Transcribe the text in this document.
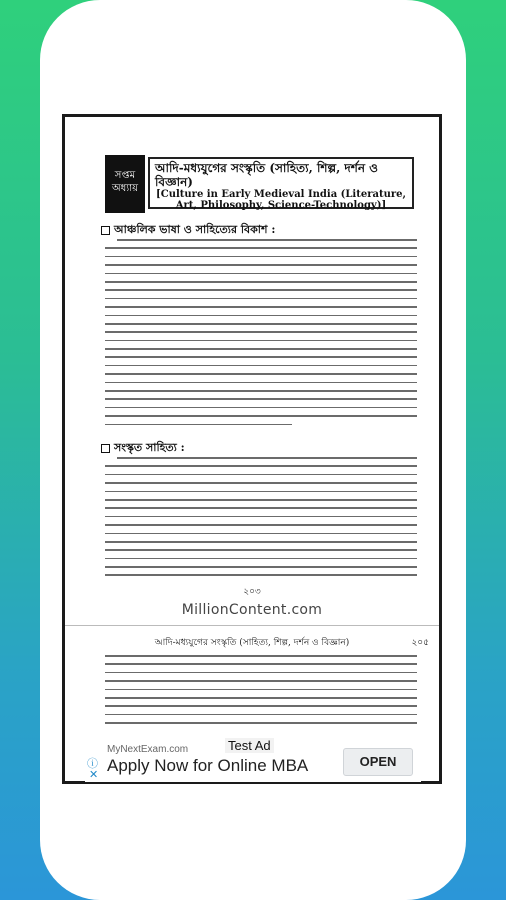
সপ্তম
অধ্যায়
আদি-মধ্যযুগের সংস্কৃতি (সাহিত্য, শিল্প, দর্শন ও বিজ্ঞান)
[Culture in Early Medieval India (Literature, Art, Philosophy, Science-Technology)]
আঞ্চলিক ভাষা ও সাহিত্যের বিকাশ :
সংস্কৃত সাহিত্য :
২০৩
MillionContent.com
আদি-মধ্যযুগের সংস্কৃতি (সাহিত্য, শিল্প, দর্শন ও বিজ্ঞান)	২০৫
Test Ad
ⓘ
✕
MyNextExam.com
Apply Now for Online MBA	OPEN
